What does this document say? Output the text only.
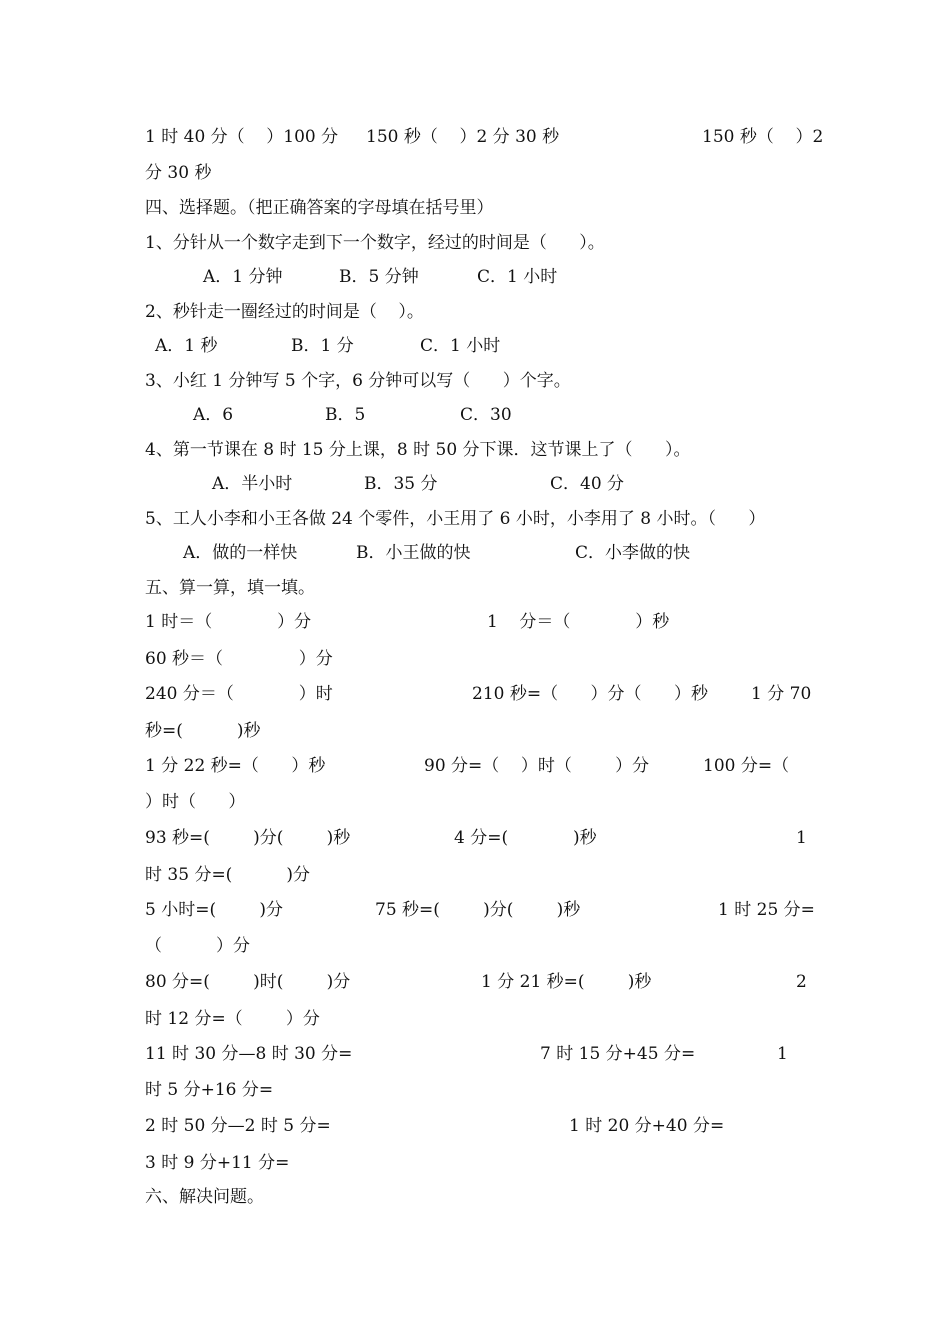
1 时 40 分（    ）100 分 150 秒（    ）2 分 30 秒	150 秒（    ）2
分 30 秒
四、选择题。（把正确答案的字母填在括号里）
1、分针从一个数字走到下一个数字，经过的时间是（      ）。
A．1 分钟	B．5 分钟	C．1 小时
2、秒针走一圈经过的时间是（    ）。
A．1 秒	B．1 分	C．1 小时
3、小红 1 分钟写 5 个字，6 分钟可以写（      ）个字。
A．6	B．5	C．30
4、第一节课在 8 时 15 分上课，8 时 50 分下课．这节课上了（      ）。
A．半小时	B．35 分	C．40 分
5、工人小李和小王各做 24 个零件，小王用了 6 小时，小李用了 8 小时。（      ）
A．做的一样快	B．小王做的快	C．小李做的快
五、算一算，填一填。
1 时＝（            ）分	1    分＝（            ）秒
60 秒＝（              ）分
240 分＝（            ）时	210 秒=（      ）分（      ）秒	1 分 70
秒=(          )秒
1 分 22 秒=（      ）秒	90 分=（    ）时（        ）分	100 分=（
）时（      ）
93 秒=(        )分(        )秒	4 分=(            )秒	1
时 35 分=(          )分
5 小时=(        )分	75 秒=(        )分(        )秒	1 时 25 分=
（          ）分
80 分=(        )时(        )分	1 分 21 秒=(        )秒	2
时 12 分=（        ）分
11 时 30 分—8 时 30 分=	7 时 15 分+45 分=	1
时 5 分+16 分=
2 时 50 分—2 时 5 分=	1 时 20 分+40 分=
3 时 9 分+11 分=
六、解决问题。
